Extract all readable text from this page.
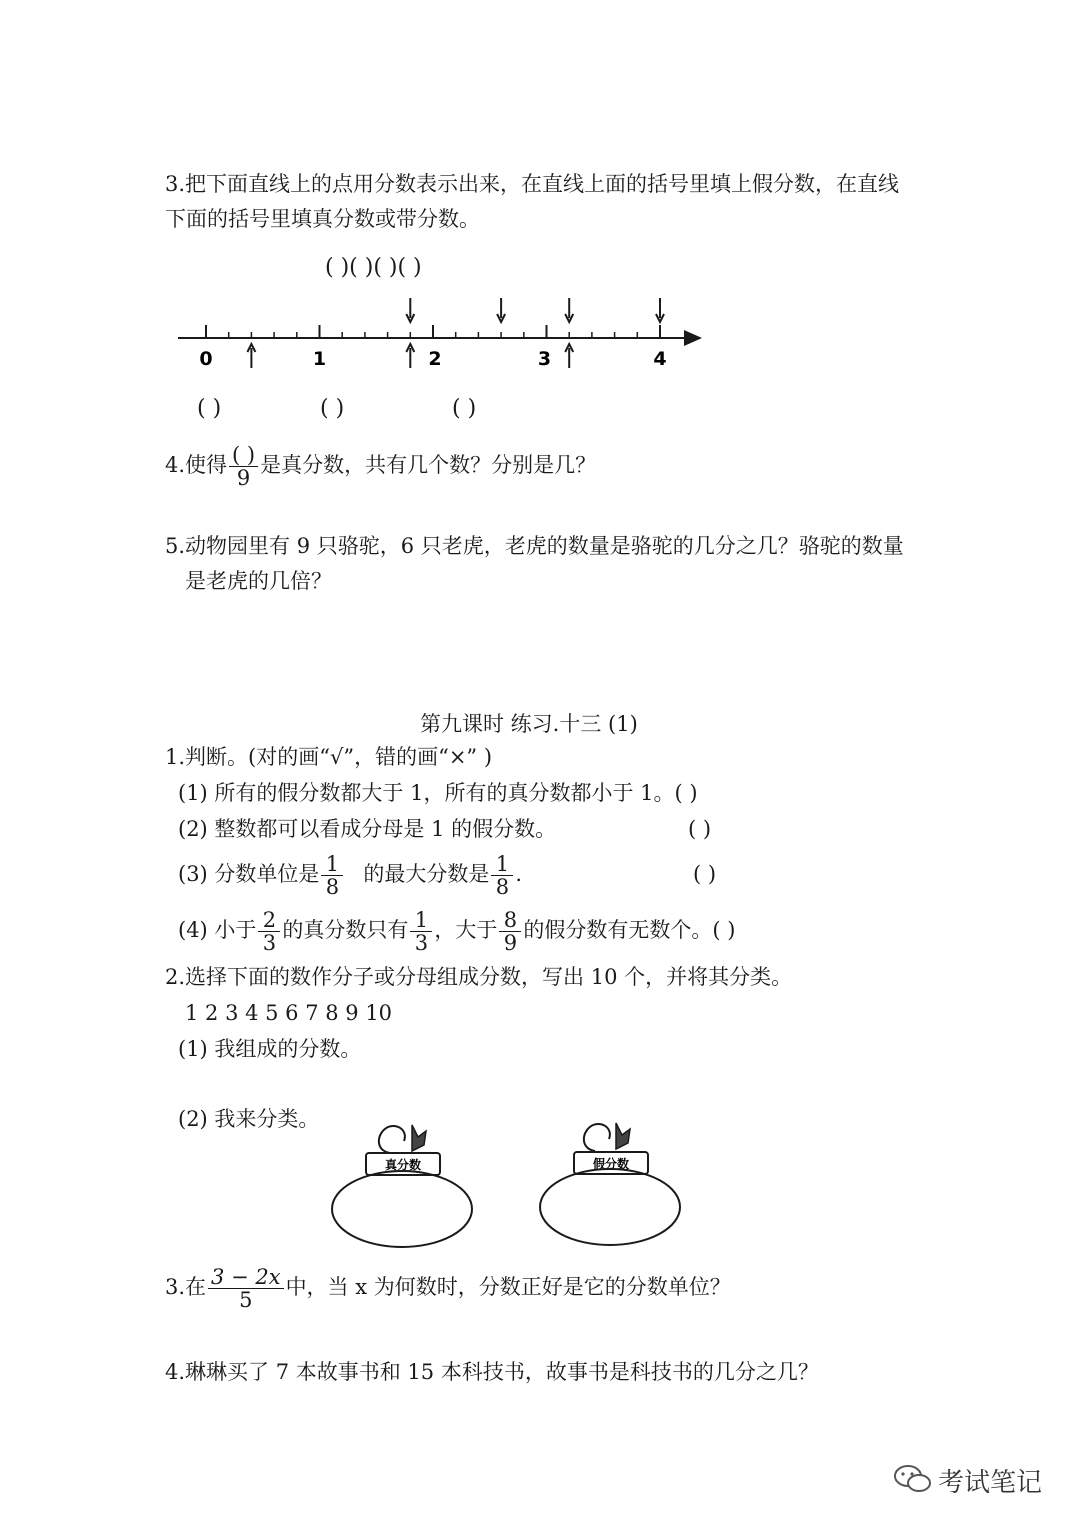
3.把下面直线上的点用分数表示出来，在直线上面的括号里填上假分数，在直线
下面的括号里填真分数或带分数。
( )( )( )( )
0	1	2	3	4
( )	( )	( )
4.使得 $\frac{( )}{9}$ 是真分数，共有几个数？分别是几？
5.动物园里有 9 只骆驼，6 只老虎，老虎的数量是骆驼的几分之几？骆驼的数量
是老虎的几倍？
第九课时 练习.十三 (1)
1.判断。(对的画“√”，错的画“×” )
(1) 所有的假分数都大于 1，所有的真分数都小于 1。( )
(2) 整数都可以看成分母是 1 的假分数。	( )
(3) 分数单位是 $\frac{1}{8}$ 的最大分数是 $\frac{1}{8}$ .	( )
(4) 小于 $\frac{2}{3}$ 的真分数只有 $\frac{1}{3}$ ，大于 $\frac{8}{9}$ 的假分数有无数个。( )
2.选择下面的数作分子或分母组成分数，写出 10 个，并将其分类。
1 2 3 4 5 6 7 8 9 10
(1) 我组成的分数。
(2) 我来分类。
真分数	假分数
3.在 $\frac{3 - 2x}{5}$ 中，当 x 为何数时，分数正好是它的分数单位？
4.琳琳买了 7 本故事书和 15 本科技书，故事书是科技书的几分之几？
考试笔记
